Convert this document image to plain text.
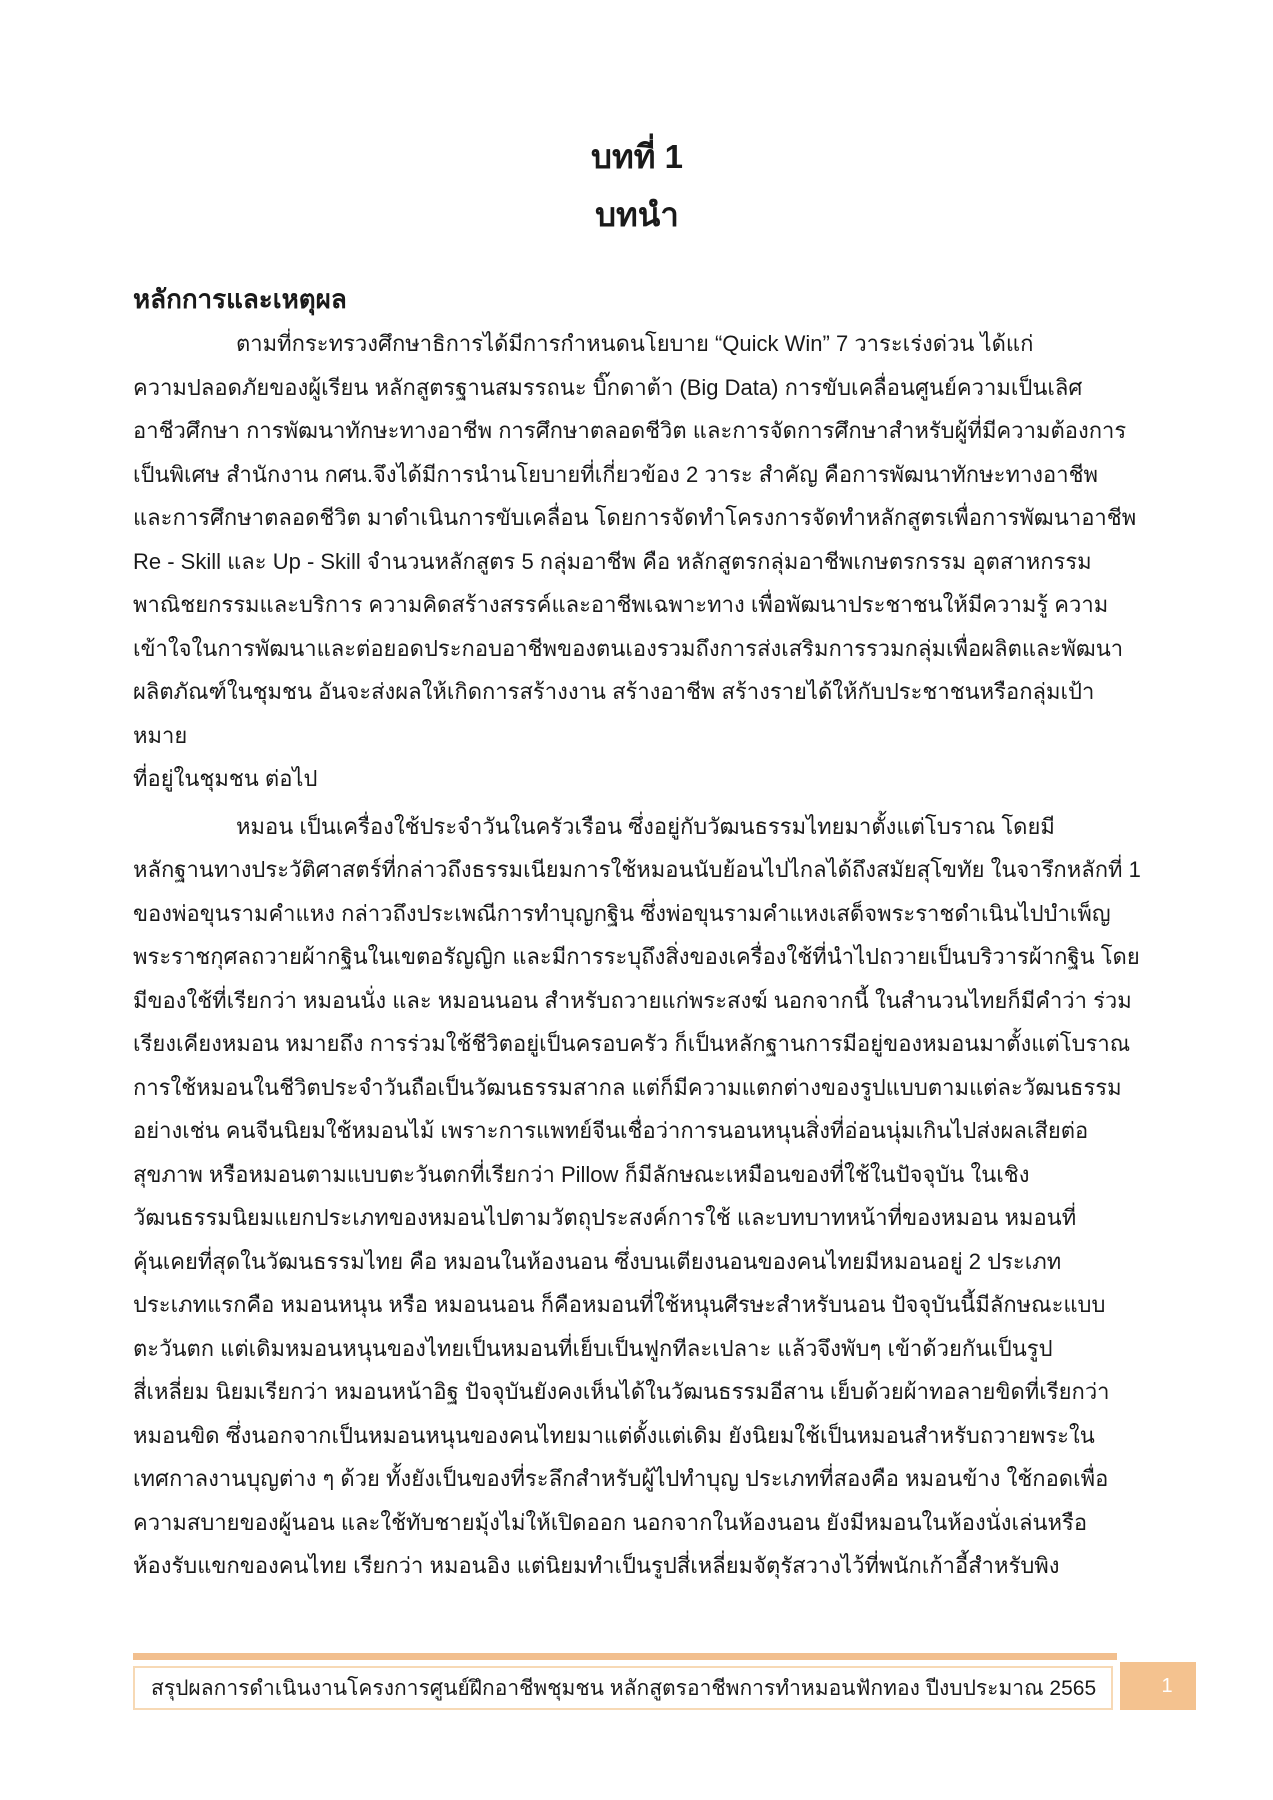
บทที่ 1
บทนำ
หลักการและเหตุผล
ตามที่กระทรวงศึกษาธิการได้มีการกำหนดนโยบาย “Quick Win” 7 วาระเร่งด่วน ได้แก่
ความปลอดภัยของผู้เรียน หลักสูตรฐานสมรรถนะ บิ๊กดาต้า (Big Data) การขับเคลื่อนศูนย์ความเป็นเลิศ
อาชีวศึกษา การพัฒนาทักษะทางอาชีพ การศึกษาตลอดชีวิต และการจัดการศึกษาสำหรับผู้ที่มีความต้องการ
เป็นพิเศษ สำนักงาน กศน.จึงได้มีการนำนโยบายที่เกี่ยวข้อง 2 วาระ สำคัญ คือการพัฒนาทักษะทางอาชีพ
และการศึกษาตลอดชีวิต มาดำเนินการขับเคลื่อน โดยการจัดทำโครงการจัดทำหลักสูตรเพื่อการพัฒนาอาชีพ
Re - Skill และ Up - Skill จำนวนหลักสูตร 5 กลุ่มอาชีพ คือ หลักสูตรกลุ่มอาชีพเกษตรกรรม อุตสาหกรรม
พาณิชยกรรมและบริการ ความคิดสร้างสรรค์และอาชีพเฉพาะทาง เพื่อพัฒนาประชาชนให้มีความรู้ ความ
เข้าใจในการพัฒนาและต่อยอดประกอบอาชีพของตนเองรวมถึงการส่งเสริมการรวมกลุ่มเพื่อผลิตและพัฒนา
ผลิตภัณฑ์ในชุมชน อันจะส่งผลให้เกิดการสร้างงาน สร้างอาชีพ สร้างรายได้ให้กับประชาชนหรือกลุ่มเป้าหมาย
ที่อยู่ในชุมชน ต่อไป
หมอน เป็นเครื่องใช้ประจำวันในครัวเรือน ซึ่งอยู่กับวัฒนธรรมไทยมาตั้งแต่โบราณ โดยมี
หลักฐานทางประวัติศาสตร์ที่กล่าวถึงธรรมเนียมการใช้หมอนนับย้อนไปไกลได้ถึงสมัยสุโขทัย ในจารึกหลักที่ 1
ของพ่อขุนรามคำแหง กล่าวถึงประเพณีการทำบุญกฐิน ซึ่งพ่อขุนรามคำแหงเสด็จพระราชดำเนินไปบำเพ็ญ
พระราชกุศลถวายผ้ากฐินในเขตอรัญญิก และมีการระบุถึงสิ่งของเครื่องใช้ที่นำไปถวายเป็นบริวารผ้ากฐิน โดย
มีของใช้ที่เรียกว่า หมอนนั่ง และ หมอนนอน สำหรับถวายแก่พระสงฆ์ นอกจากนี้ ในสำนวนไทยก็มีคำว่า ร่วม
เรียงเคียงหมอน หมายถึง การร่วมใช้ชีวิตอยู่เป็นครอบครัว ก็เป็นหลักฐานการมีอยู่ของหมอนมาตั้งแต่โบราณ
การใช้หมอนในชีวิตประจำวันถือเป็นวัฒนธรรมสากล แต่ก็มีความแตกต่างของรูปแบบตามแต่ละวัฒนธรรม
อย่างเช่น คนจีนนิยมใช้หมอนไม้ เพราะการแพทย์จีนเชื่อว่าการนอนหนุนสิ่งที่อ่อนนุ่มเกินไปส่งผลเสียต่อ
สุขภาพ หรือหมอนตามแบบตะวันตกที่เรียกว่า Pillow ก็มีลักษณะเหมือนของที่ใช้ในปัจจุบัน ในเชิง
วัฒนธรรมนิยมแยกประเภทของหมอนไปตามวัตถุประสงค์การใช้ และบทบาทหน้าที่ของหมอน หมอนที่
คุ้นเคยที่สุดในวัฒนธรรมไทย คือ หมอนในห้องนอน ซึ่งบนเตียงนอนของคนไทยมีหมอนอยู่ 2 ประเภท
ประเภทแรกคือ หมอนหนุน หรือ หมอนนอน ก็คือหมอนที่ใช้หนุนศีรษะสำหรับนอน ปัจจุบันนี้มีลักษณะแบบ
ตะวันตก แต่เดิมหมอนหนุนของไทยเป็นหมอนที่เย็บเป็นฟูกทีละเปลาะ แล้วจึงพับๆ เข้าด้วยกันเป็นรูป
สี่เหลี่ยม นิยมเรียกว่า หมอนหน้าอิฐ ปัจจุบันยังคงเห็นได้ในวัฒนธรรมอีสาน เย็บด้วยผ้าทอลายขิดที่เรียกว่า
หมอนขิด ซึ่งนอกจากเป็นหมอนหนุนของคนไทยมาแต่ดั้งแต่เดิม ยังนิยมใช้เป็นหมอนสำหรับถวายพระใน
เทศกาลงานบุญต่าง ๆ ด้วย ทั้งยังเป็นของที่ระลึกสำหรับผู้ไปทำบุญ ประเภทที่สองคือ หมอนข้าง ใช้กอดเพื่อ
ความสบายของผู้นอน และใช้ทับชายมุ้งไม่ให้เปิดออก นอกจากในห้องนอน ยังมีหมอนในห้องนั่งเล่นหรือ
ห้องรับแขกของคนไทย เรียกว่า หมอนอิง แต่นิยมทำเป็นรูปสี่เหลี่ยมจัตุรัสวางไว้ที่พนักเก้าอี้สำหรับพิง
สรุปผลการดำเนินงานโครงการศูนย์ฝึกอาชีพชุมชน หลักสูตรอาชีพการทำหมอนฟักทอง ปีงบประมาณ 2565	1
